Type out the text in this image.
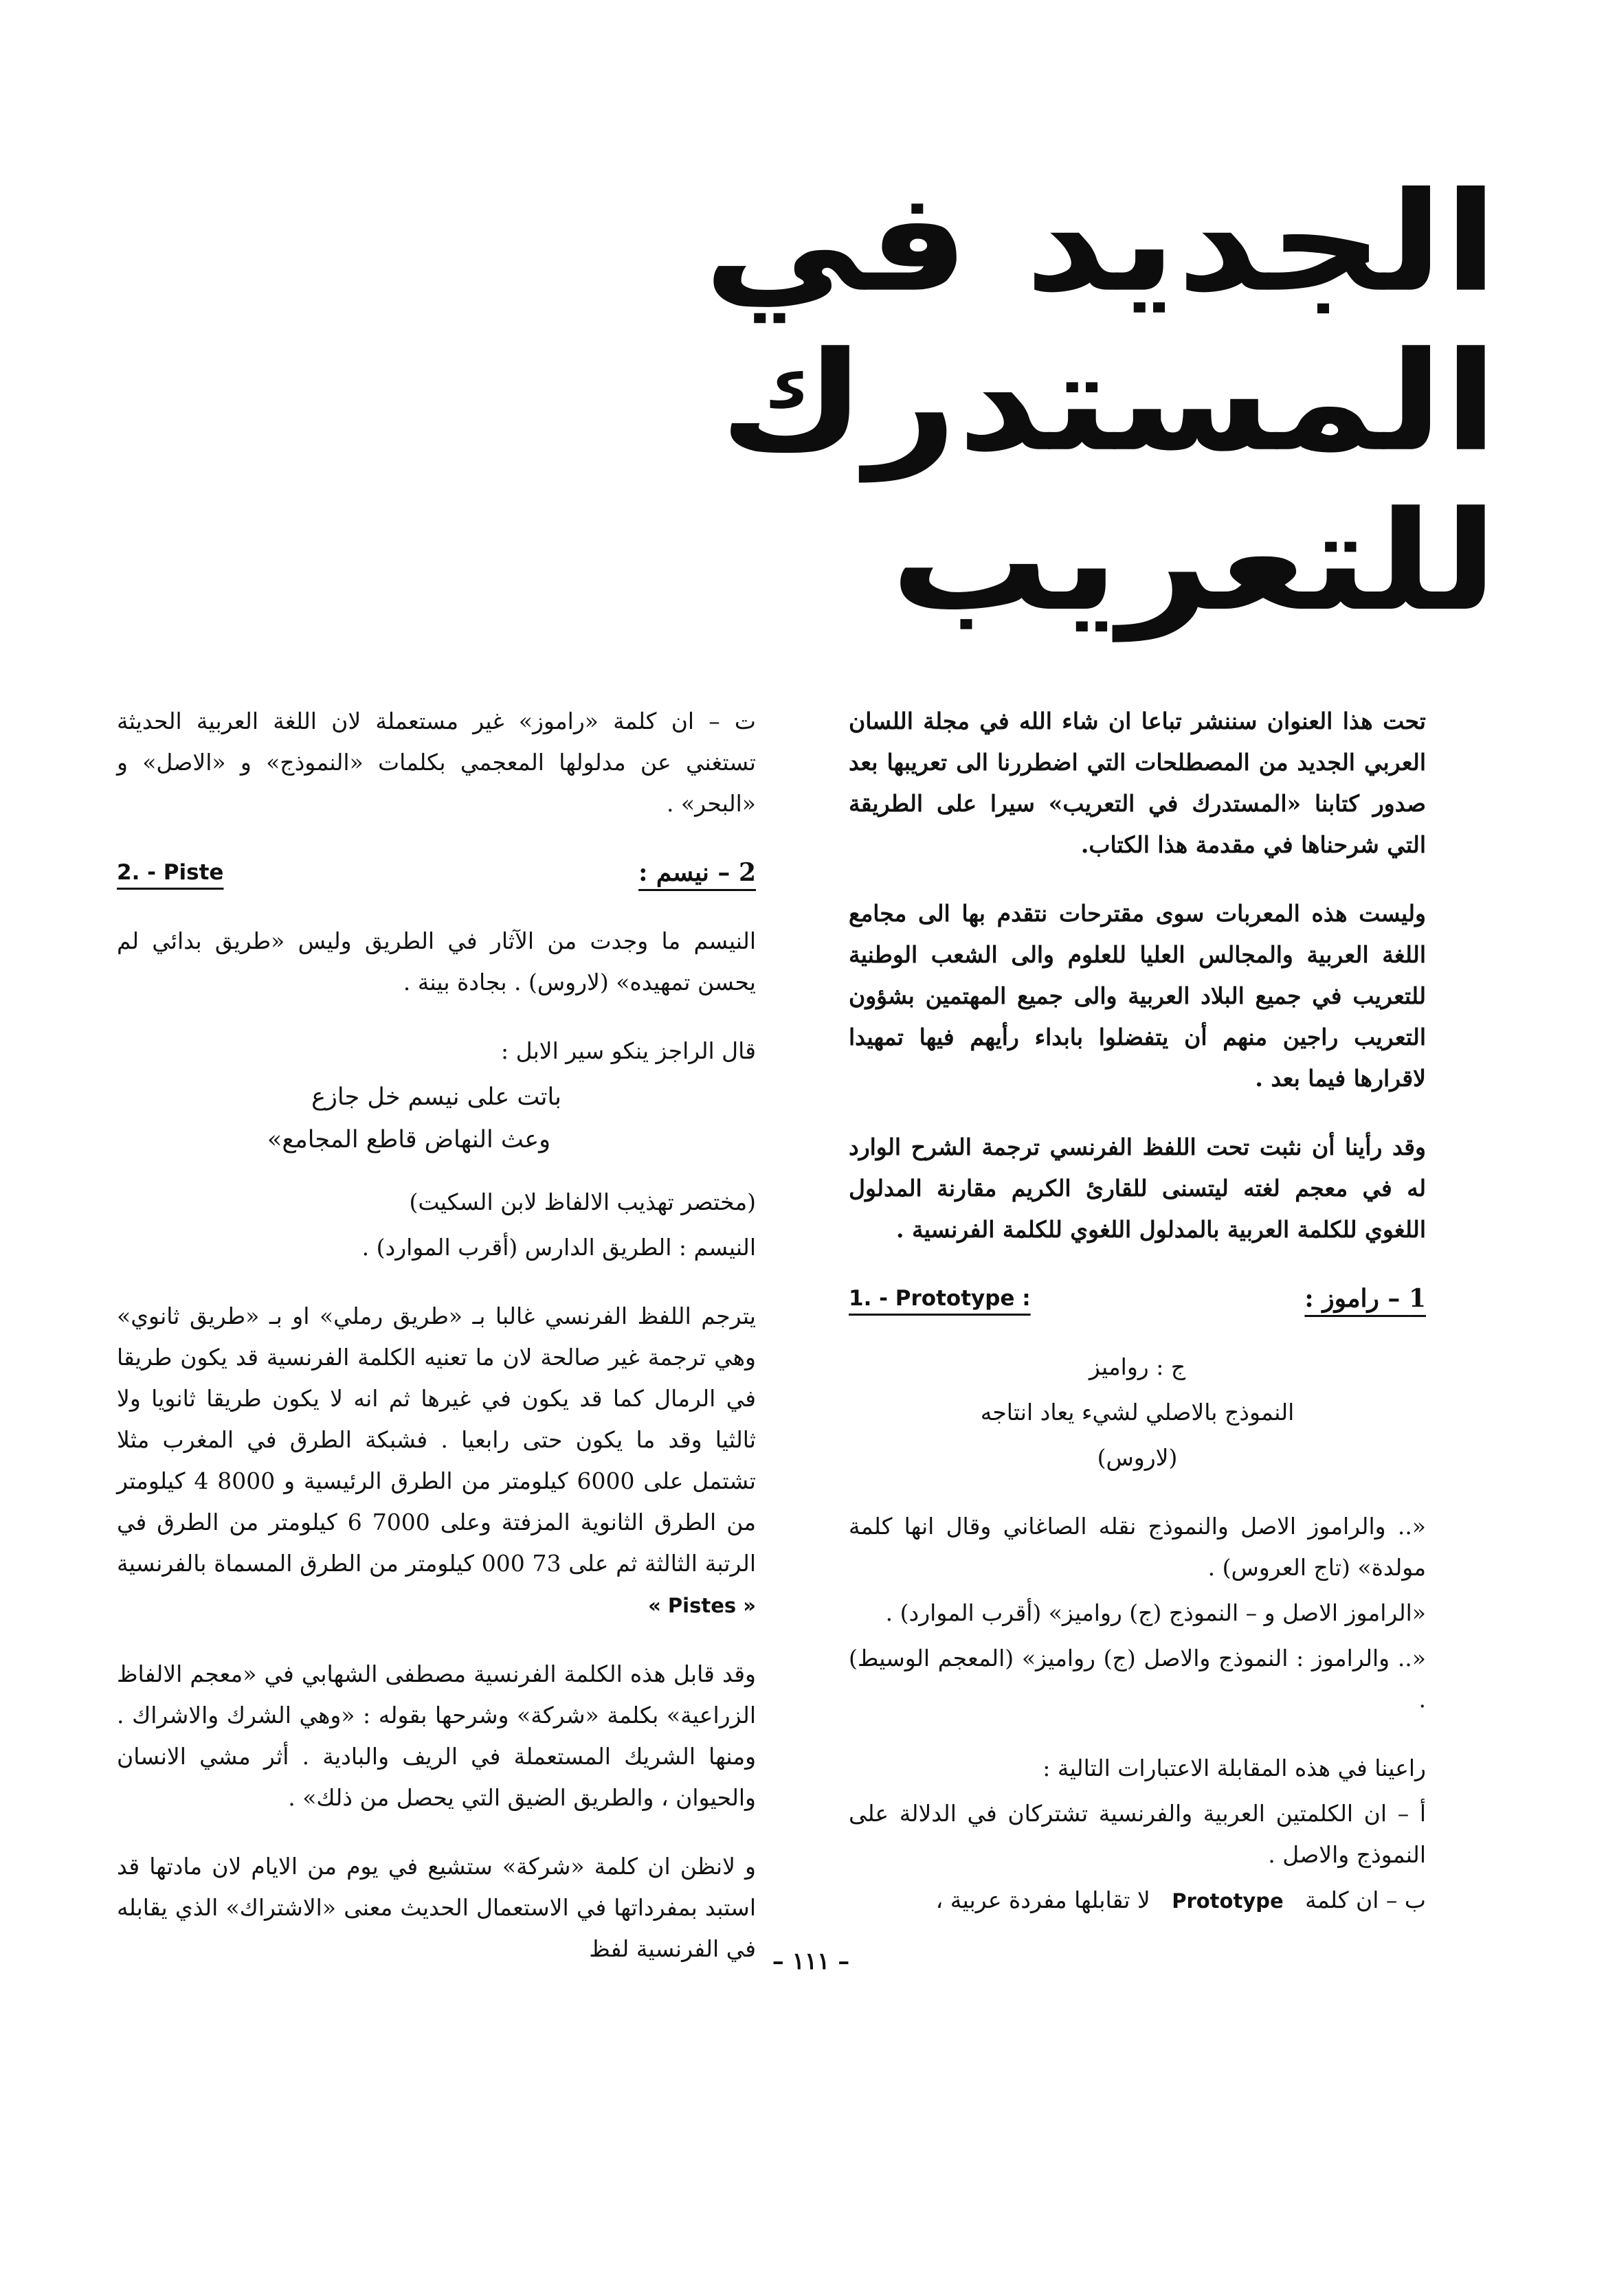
الجديد في المستدرك للتعريب

تحت هذا العنوان سننشر تباعا ان شاء الله في مجلة اللسان العربي الجديد من المصطلحات التي اضطررنا الى تعريبها بعد صدور كتابنا «المستدرك في التعريب» سيرا على الطريقة التي شرحناها في مقدمة هذا الكتاب.

وليست هذه المعربات سوى مقترحات نتقدم بها الى مجامع اللغة العربية والمجالس العليا للعلوم والى الشعب الوطنية للتعريب في جميع البلاد العربية والى جميع المهتمين بشؤون التعريب راجين منهم أن يتفضلوا بابداء رأيهم فيها تمهيدا لاقرارها فيما بعد .

وقد رأينا أن نثبت تحت اللفظ الفرنسي ترجمة الشرح الوارد له في معجم لغته ليتسنى للقارئ الكريم مقارنة المدلول اللغوي للكلمة العربية بالمدلول اللغوي للكلمة الفرنسية .

1 – راموز :
1. - Prototype :

ج : رواميز

النموذج بالاصلي لشيء يعاد انتاجه

(لاروس)

«.. والراموز الاصل والنموذج نقله الصاغاني وقال انها كلمة مولدة» (تاج العروس) .

«الراموز الاصل و – النموذج (ج) رواميز» (أقرب الموارد) .

«.. والراموز : النموذج والاصل (ج) رواميز» (المعجم الوسيط) .

راعينا في هذه المقابلة الاعتبارات التالية :

أ – ان الكلمتين العربية والفرنسية تشتركان في الدلالة على النموذج والاصل .

ب – ان كلمة   Prototype   لا تقابلها مفردة عربية ،

ت – ان كلمة «راموز» غير مستعملة لان اللغة العربية الحديثة تستغني عن مدلولها المعجمي بكلمات «النموذج» و «الاصل» و «البحر» .

2 – نيسم :
2. - Piste

النيسم ما وجدت من الآثار في الطريق وليس «طريق بدائي لم يحسن تمهيده» (لاروس) . بجادة بينة .

قال الراجز ينكو سير الابل :

باتت على نيسم خل جازع
وعث النهاض قاطع المجامع»

(مختصر تهذيب الالفاظ لابن السكيت)

النيسم : الطريق الدارس (أقرب الموارد) .

يترجم اللفظ الفرنسي غالبا بـ «طريق رملي» او بـ «طريق ثانوي» وهي ترجمة غير صالحة لان ما تعنيه الكلمة الفرنسية قد يكون طريقا في الرمال كما قد يكون في غيرها ثم انه لا يكون طريقا ثانويا ولا ثالثيا وقد ما يكون حتى رابعيا . فشبكة الطرق في المغرب مثلا تشتمل على 6000 كيلومتر من الطرق الرئيسية و 8000 4 كيلومتر من الطرق الثانوية المزفتة وعلى 7000 6 كيلومتر من الطرق في الرتبة الثالثة ثم على 73 000 كيلومتر من الطرق المسماة بالفرنسية « Pistes »

وقد قابل هذه الكلمة الفرنسية مصطفى الشهابي في «معجم الالفاظ الزراعية» بكلمة «شركة» وشرحها بقوله : «وهي الشرك والاشراك . ومنها الشريك المستعملة في الريف والبادية . أثر مشي الانسان والحيوان ، والطريق الضيق التي يحصل من ذلك» .

و لانظن ان كلمة «شركة» ستشيع في يوم من الايام لان مادتها قد استبد بمفرداتها في الاستعمال الحديث معنى «الاشتراك» الذي يقابله في الفرنسية لفظ – ١١١ –
